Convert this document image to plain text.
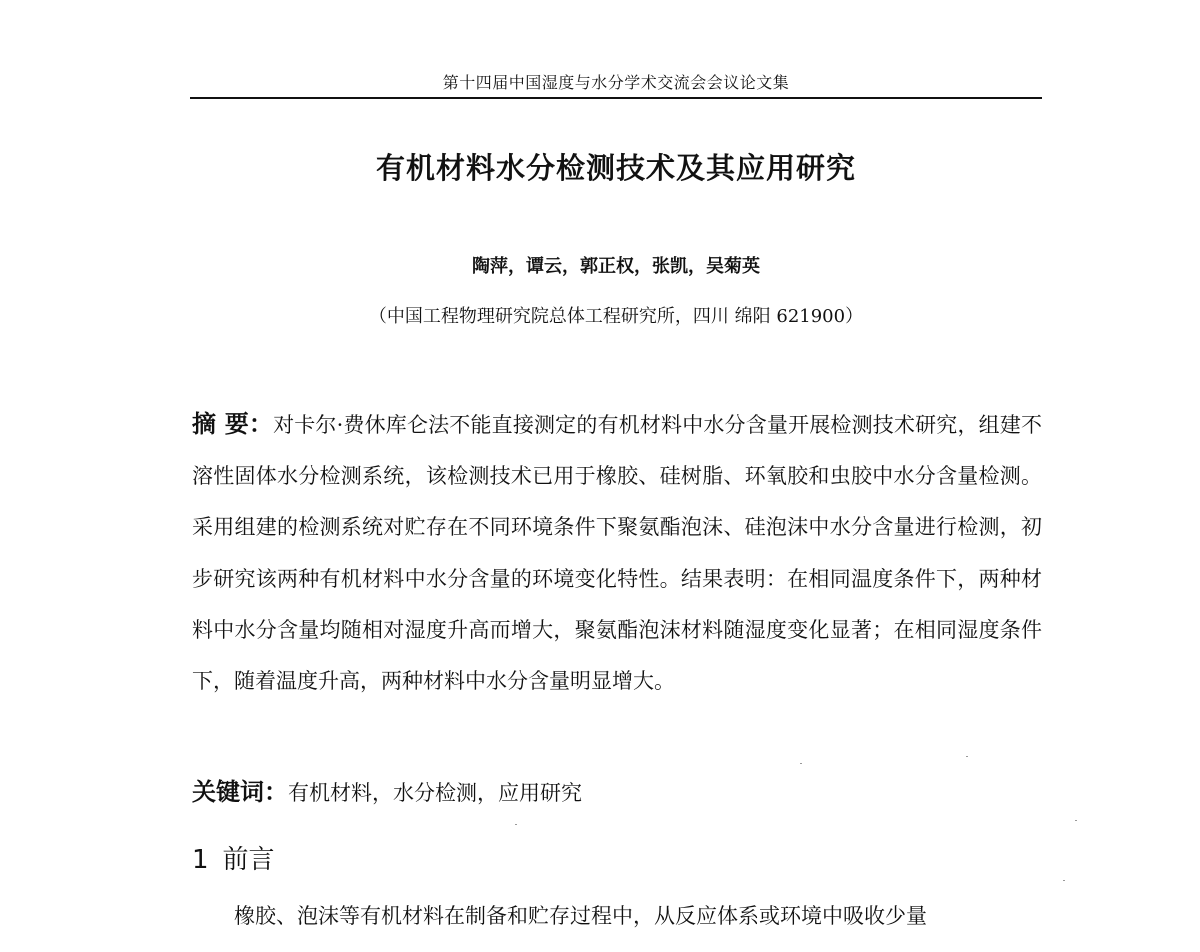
第十四届中国湿度与水分学术交流会会议论文集
有机材料水分检测技术及其应用研究
陶萍，谭云，郭正权，张凯，吴菊英
（中国工程物理研究院总体工程研究所，四川 绵阳 621900）

摘 要：对卡尔·费休库仑法不能直接测定的有机材料中水分含量开展检测技术研究，组建不溶性固体水分检测系统，该检测技术已用于橡胶、硅树脂、环氧胶和虫胶中水分含量检测。采用组建的检测系统对贮存在不同环境条件下聚氨酯泡沫、硅泡沫中水分含量进行检测，初步研究该两种有机材料中水分含量的环境变化特性。结果表明：在相同温度条件下，两种材料中水分含量均随相对湿度升高而增大，聚氨酯泡沫材料随湿度变化显著；在相同湿度条件下，随着温度升高，两种材料中水分含量明显增大。

关键词：有机材料，水分检测，应用研究
1 前言

橡胶、泡沫等有机材料在制备和贮存过程中，从反应体系或环境中吸收少量
